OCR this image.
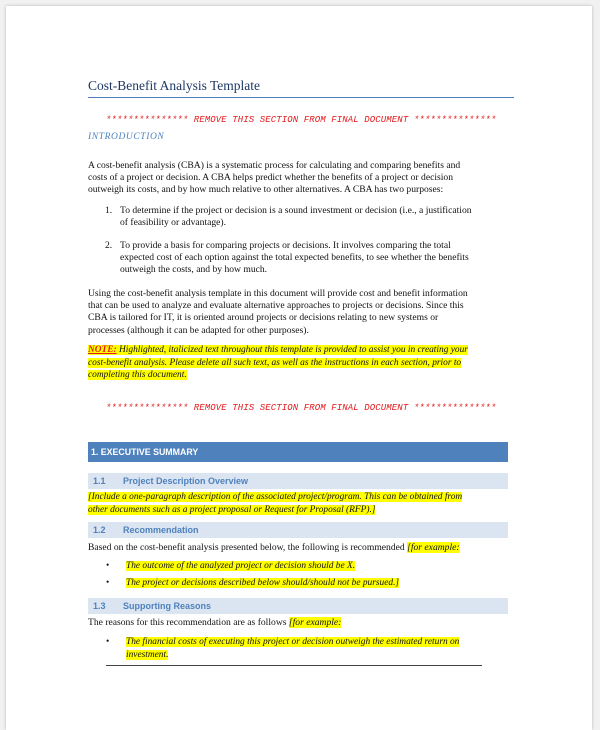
Cost-Benefit Analysis Template
*************** REMOVE THIS SECTION FROM FINAL DOCUMENT ***************
INTRODUCTION
A cost-benefit analysis (CBA) is a systematic process for calculating and comparing benefits and
costs of a project or decision. A CBA helps predict whether the benefits of a project or decision
outweigh its costs, and by how much relative to other alternatives. A CBA has two purposes:
1. To determine if the project or decision is a sound investment or decision (i.e., a justification
of feasibility or advantage).
2. To provide a basis for comparing projects or decisions. It involves comparing the total
expected cost of each option against the total expected benefits, to see whether the benefits
outweigh the costs, and by how much.
Using the cost-benefit analysis template in this document will provide cost and benefit information
that can be used to analyze and evaluate alternative approaches to projects or decisions. Since this
CBA is tailored for IT, it is oriented around projects or decisions relating to new systems or
processes (although it can be adapted for other purposes).
NOTE: Highlighted, italicized text throughout this template is provided to assist you in creating your
cost-benefit analysis. Please delete all such text, as well as the instructions in each section, prior to
completing this document.
*************** REMOVE THIS SECTION FROM FINAL DOCUMENT ***************
1. EXECUTIVE SUMMARY
1.1 Project Description Overview
[Include a one-paragraph description of the associated project/program. This can be obtained from
other documents such as a project proposal or Request for Proposal (RFP).]
1.2 Recommendation
Based on the cost-benefit analysis presented below, the following is recommended [for example:
• The outcome of the analyzed project or decision should be X.
• The project or decisions described below should/should not be pursued.]
1.3 Supporting Reasons
The reasons for this recommendation are as follows [for example:
• The financial costs of executing this project or decision outweigh the estimated return on
investment.
